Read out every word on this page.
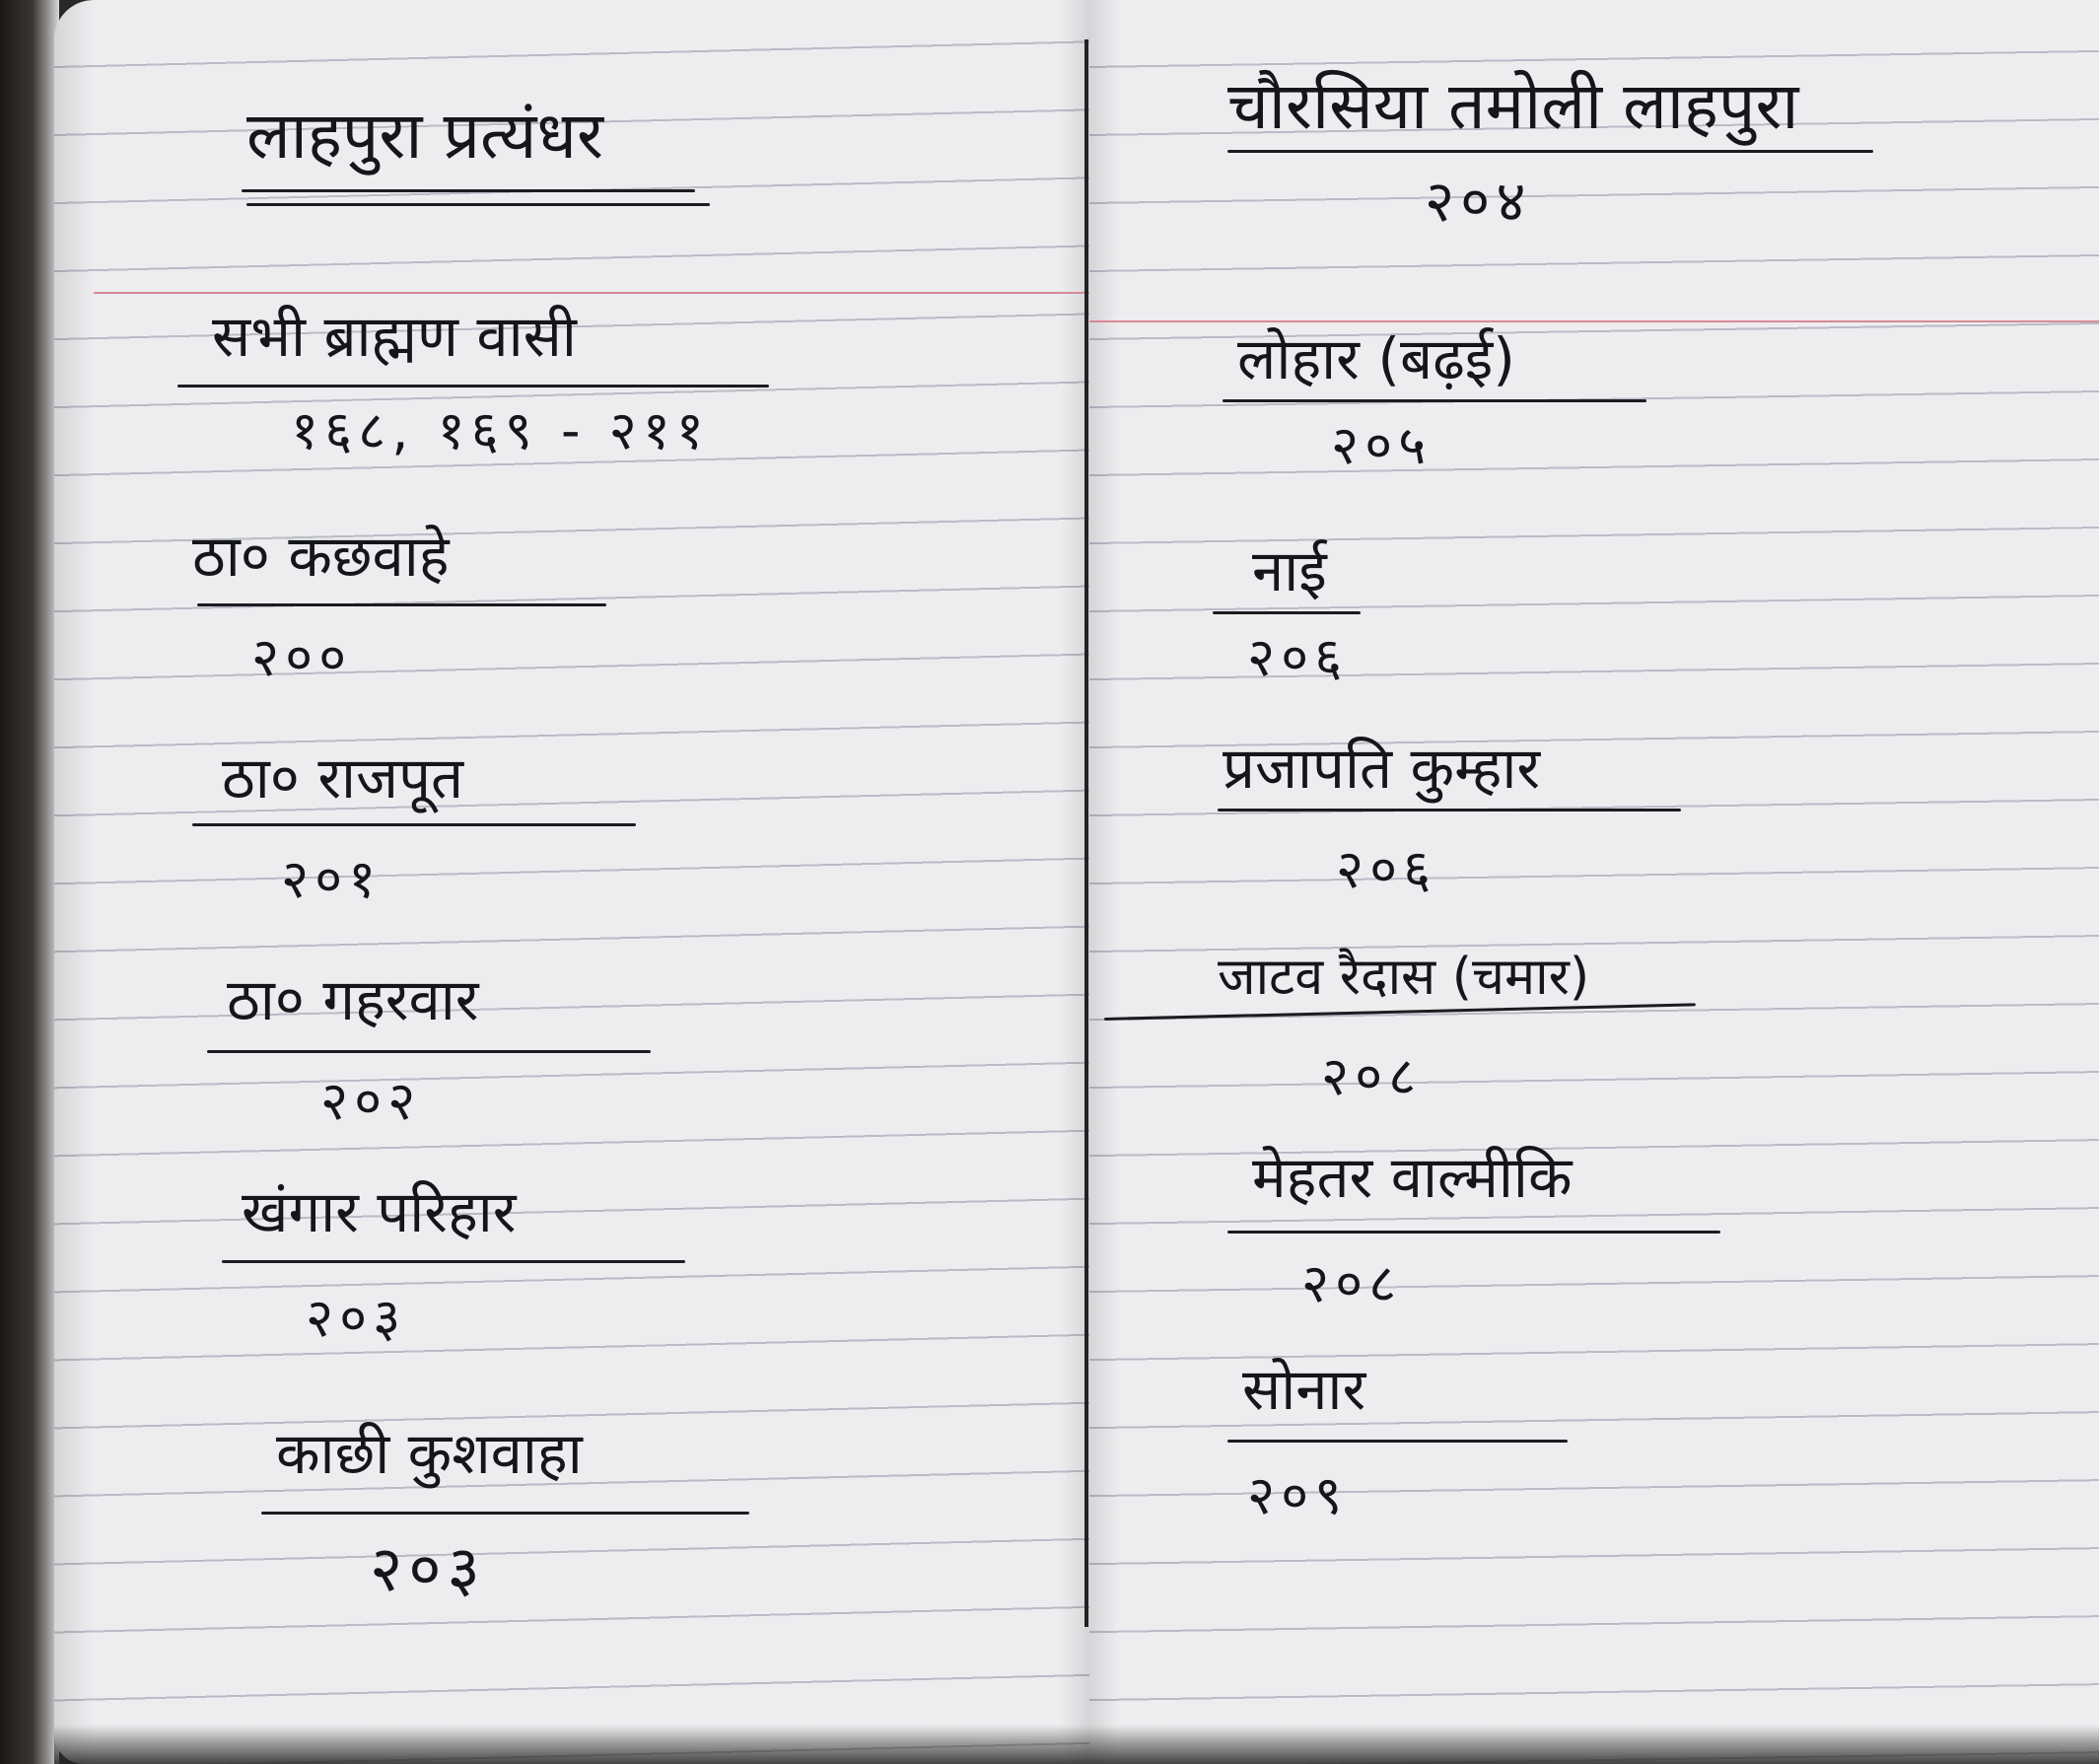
लाहपुरा प्रत्यंधर
सभी ब्राह्मण वासी
१६८, १६९ - २११
ठा० कछवाहे
२००
ठा० राजपूत
२०१
ठा० गहरवार
२०२
खंगार परिहार
२०३
काछी कुशवाहा
२०३
चौरसिया तमोली लाहपुरा
२०४
लोहार (बढ़ई)
२०५
नाई
२०६
प्रजापति कुम्हार
२०६
जाटव रैदास (चमार)
२०८
मेहतर वाल्मीकि
२०८
सोनार
२०९
